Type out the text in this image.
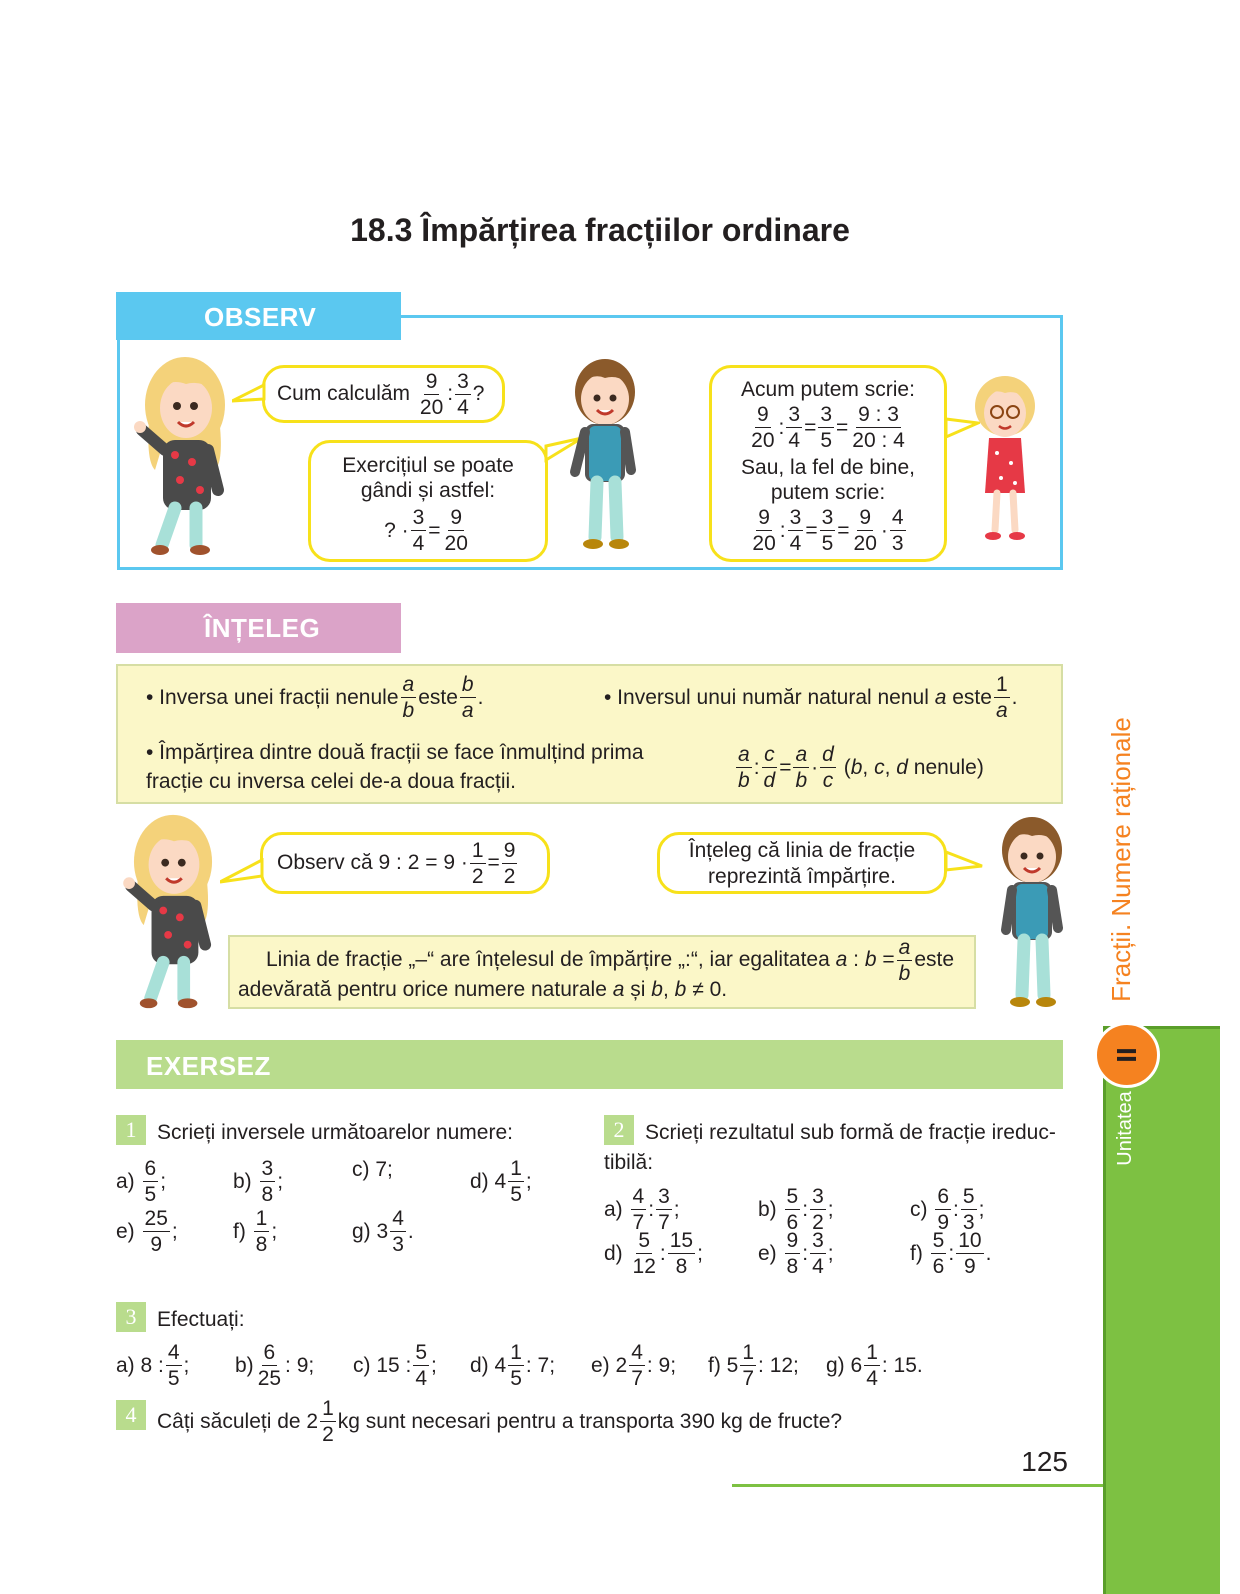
18.3 Împărțirea fracțiilor ordinare
OBSERV
Cum calculăm
$\frac{9}{20}$ : $\frac{3}{4}$ ?
Exercițiul se poate
gândi și astfel:
? · $\frac{3}{4} = \frac{9}{20}$
Acum putem scrie:
$\frac{9}{20}$ : $\frac{3}{4} = \frac{3}{5} = \frac{9 : 3}{20 : 4}$
Sau, la fel de bine,
putem scrie:
$\frac{9}{20}$ : $\frac{3}{4} = \frac{3}{5} = \frac{9}{20} \cdot \frac{4}{3}$
ÎNȚELEG
• Inversa unei fracții nenule $\frac{a}{b}$ este $\frac{b}{a}$ .	• Inversul unui număr natural nenul
a
este $\frac{1}{a}$ .
• Împărțirea dintre două fracții se face înmulțind prima
fracție cu inversa celei de-a doua fracții.	$\frac{a}{b}$ : $\frac{c}{d} = \frac{a}{b} \cdot \frac{d}{c}$
( b ,
c ,
d
nenule)
Observ că 9 : $2 = 9 \cdot \frac{1}{2} = \frac{9}{2}$	Înțeleg că linia de fracție
reprezintă împărțire.
Linia de fracție „–“ are înțelesul de împărțire „:“, iar egalitatea
a
:
b
= $\frac{a}{b}$ este
adevărată pentru orice numere naturale a și b, b ≠ 0.
EXERSEZ
1 Scrieți inversele următoarelor numere:
a)
$\frac{6}{5}$ ;	b)
$\frac{3}{8}$ ;	c)
7;	d)
$4 \frac{1}{5}$ ;
e)
$\frac{25}{9}$ ;	f)
$\frac{1}{8}$ ;	g)
$3 \frac{4}{3}$ .
2 Scrieți rezultatul sub formă de fracție ireduc-
tibilă:
a)
$\frac{4}{7}$ : $\frac{3}{7}$ ;	b)
$\frac{5}{6}$ : $\frac{3}{2}$ ;	c)
$\frac{6}{9}$ : $\frac{5}{3}$ ;
d)
$\frac{5}{12}$ : $\frac{15}{8}$ ;	e)
$\frac{9}{8}$ : $\frac{3}{4}$ ;	f)
$\frac{5}{6}$ : $\frac{10}{9}$ .
3 Efectuați:
a) 8 : $\frac{4}{5}$ ; $b) \frac{6}{25}$ : 9; c) 15 : $\frac{5}{4}$ ; d) $4 \frac{1}{5}$ : 7; e) $2 \frac{4}{7}$ : 9; f) $5 \frac{1}{7}$ : 12; g) $6 \frac{1}{4}$ : 15.
4 Câți săculeți de $2 \frac{1}{2}$ kg sunt necesari pentru a transporta 390 kg de fructe?
125
Fracții. Numere raționale
Unitatea
II
